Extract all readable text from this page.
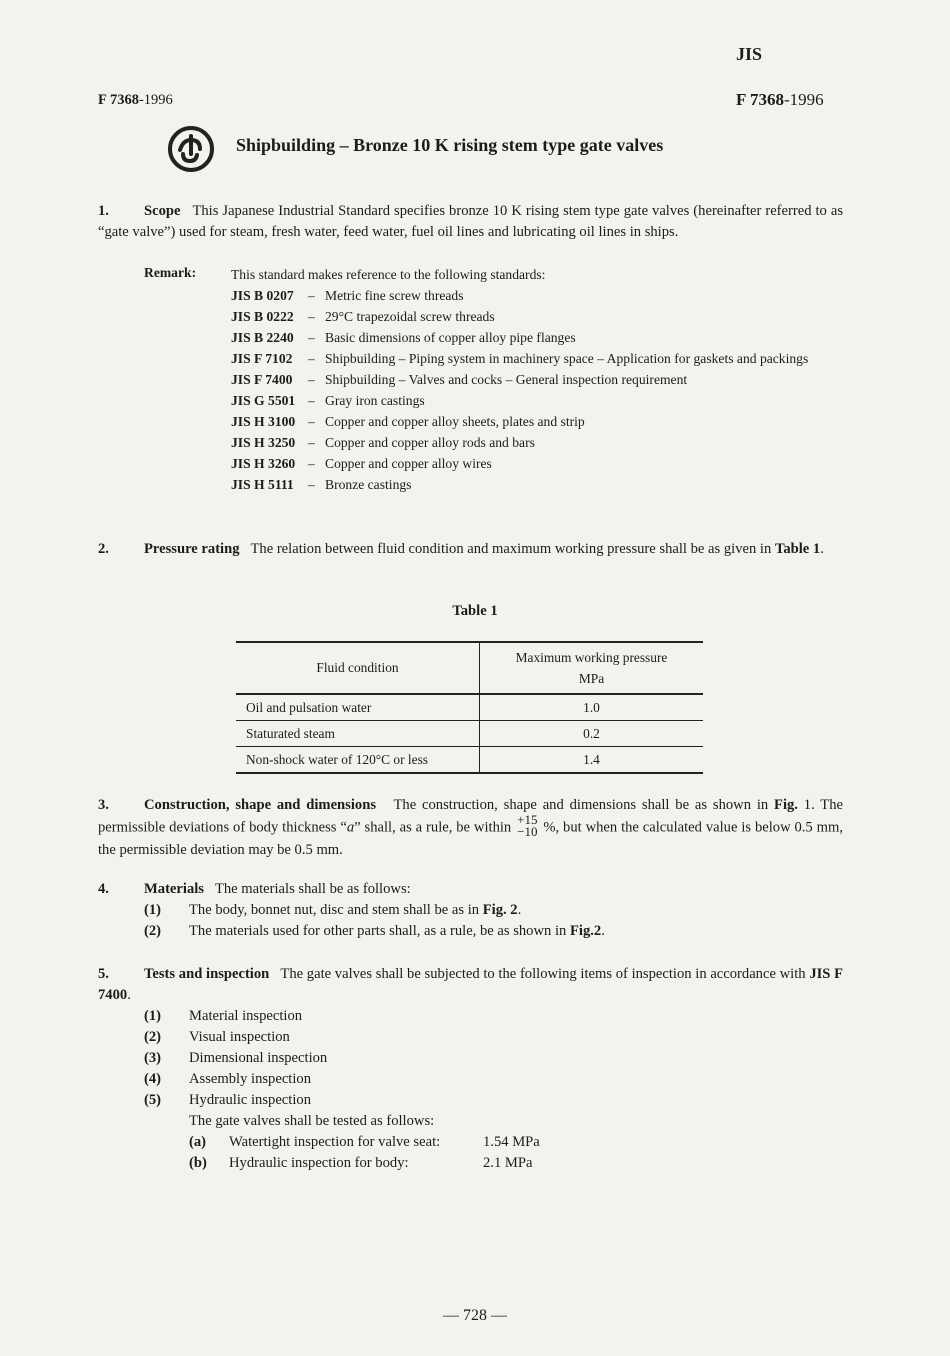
JIS
F 7368-1996	F 7368-1996
Shipbuilding – Bronze 10 K rising stem type gate valves
1. Scope This Japanese Industrial Standard specifies bronze 10 K rising stem type gate valves (hereinafter referred to as “gate valve”) used for steam, fresh water, feed water, fuel oil lines and lubricating oil lines in ships.
Remark:	This standard makes reference to the following standards:
JIS B 0207	– Metric fine screw threads
JIS B 0222	– 29°C trapezoidal screw threads
JIS B 2240	– Basic dimensions of copper alloy pipe flanges
JIS F 7102	– Shipbuilding – Piping system in machinery space – Application for gaskets and packings
JIS F 7400	– Shipbuilding – Valves and cocks – General inspection requirement
JIS G 5501 – Gray iron castings
JIS H 3100 – Copper and copper alloy sheets, plates and strip
JIS H 3250 – Copper and copper alloy rods and bars
JIS H 3260 – Copper and copper alloy wires
JIS H 5111	– Bronze castings
2. Pressure rating The relation between fluid condition and maximum working pressure shall be as given in Table 1.
Table 1
Fluid condition	Maximum working pressure
MPa

Oil and pulsation water	1.0
Staturated steam	0.2
Non-shock water of 120°C or less	1.4
3. Construction, shape and dimensions The construction, shape and dimensions shall be as shown in Fig. 1. The permissible deviations of body thickness “a” shall, as a rule, be within +15
−10 %, but when the calculated value is below 0.5 mm, the permissible deviation may be 0.5 mm.
4. Materials The materials shall be as follows:
(1)	The body, bonnet nut, disc and stem shall be as in Fig. 2.
(2)	The materials used for other parts shall, as a rule, be as shown in Fig.2.
5. Tests and inspection The gate valves shall be subjected to the following items of inspection in accordance with JIS F 7400.
(1)	Material inspection
(2)	Visual inspection
(3)	Dimensional inspection
(4)	Assembly inspection
(5)	Hydraulic inspection
The gate valves shall be tested as follows:
(a)	Watertight inspection for valve seat:	1.54 MPa
(b)	Hydraulic inspection for body:	2.1 MPa
— 728 —
